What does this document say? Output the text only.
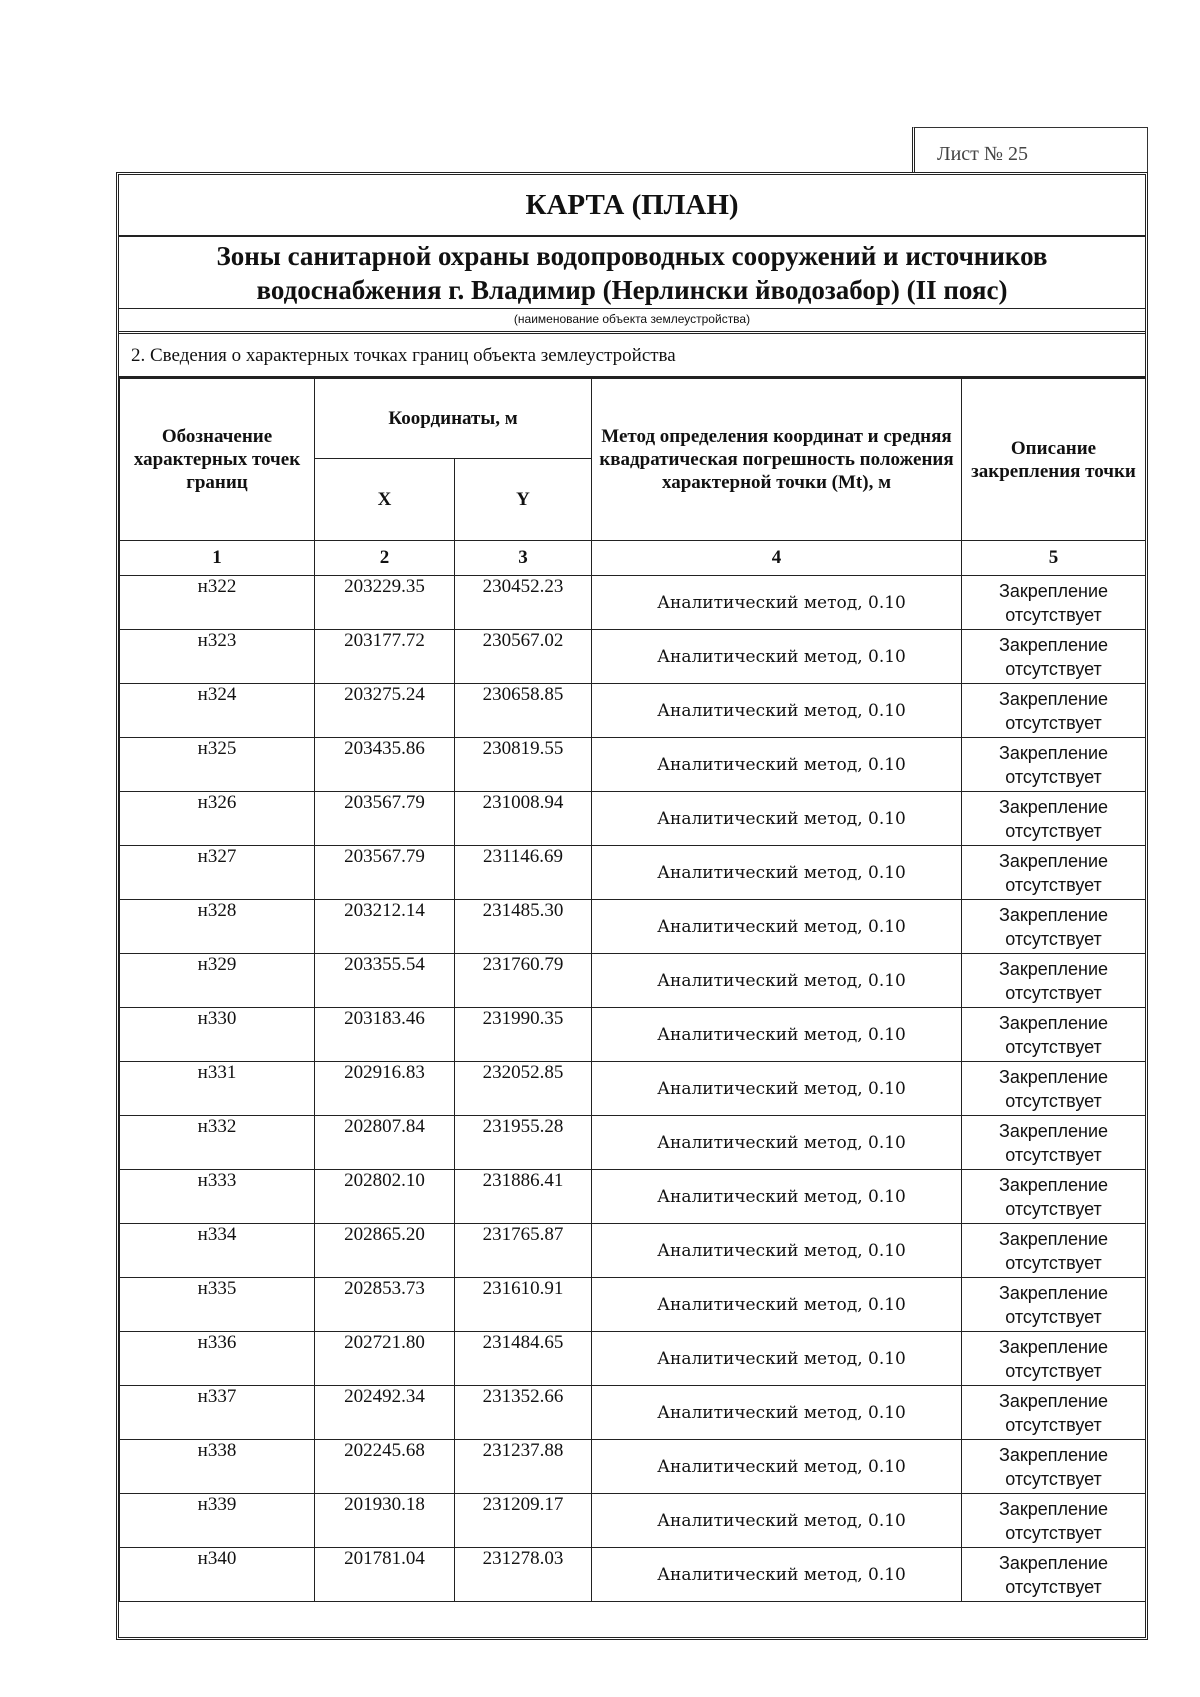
Лист № 25
КАРТА (ПЛАН)
Зоны санитарной охраны водопроводных сооружений и источников
водоснабжения г. Владимир (Нерлински йводозабор) (II пояс)
(наименование объекта землеустройства)
2. Сведения о характерных точках границ объекта землеустройства
Обозначение характерных точек границ	Координаты, м		Метод определения координат и средняя квадратическая погрешность положения характерной точки (Mt), м	Описание закрепления точки
	X	Y		
1	2	3	4	5
н322	203229.35	230452.23	Аналитический метод, 0.10	Закрепление отсутствует
н323	203177.72	230567.02	Аналитический метод, 0.10	Закрепление отсутствует
н324	203275.24	230658.85	Аналитический метод, 0.10	Закрепление отсутствует
н325	203435.86	230819.55	Аналитический метод, 0.10	Закрепление отсутствует
н326	203567.79	231008.94	Аналитический метод, 0.10	Закрепление отсутствует
н327	203567.79	231146.69	Аналитический метод, 0.10	Закрепление отсутствует
н328	203212.14	231485.30	Аналитический метод, 0.10	Закрепление отсутствует
н329	203355.54	231760.79	Аналитический метод, 0.10	Закрепление отсутствует
н330	203183.46	231990.35	Аналитический метод, 0.10	Закрепление отсутствует
н331	202916.83	232052.85	Аналитический метод, 0.10	Закрепление отсутствует
н332	202807.84	231955.28	Аналитический метод, 0.10	Закрепление отсутствует
н333	202802.10	231886.41	Аналитический метод, 0.10	Закрепление отсутствует
н334	202865.20	231765.87	Аналитический метод, 0.10	Закрепление отсутствует
н335	202853.73	231610.91	Аналитический метод, 0.10	Закрепление отсутствует
н336	202721.80	231484.65	Аналитический метод, 0.10	Закрепление отсутствует
н337	202492.34	231352.66	Аналитический метод, 0.10	Закрепление отсутствует
н338	202245.68	231237.88	Аналитический метод, 0.10	Закрепление отсутствует
н339	201930.18	231209.17	Аналитический метод, 0.10	Закрепление отсутствует
н340	201781.04	231278.03	Аналитический метод, 0.10	Закрепление отсутствует
